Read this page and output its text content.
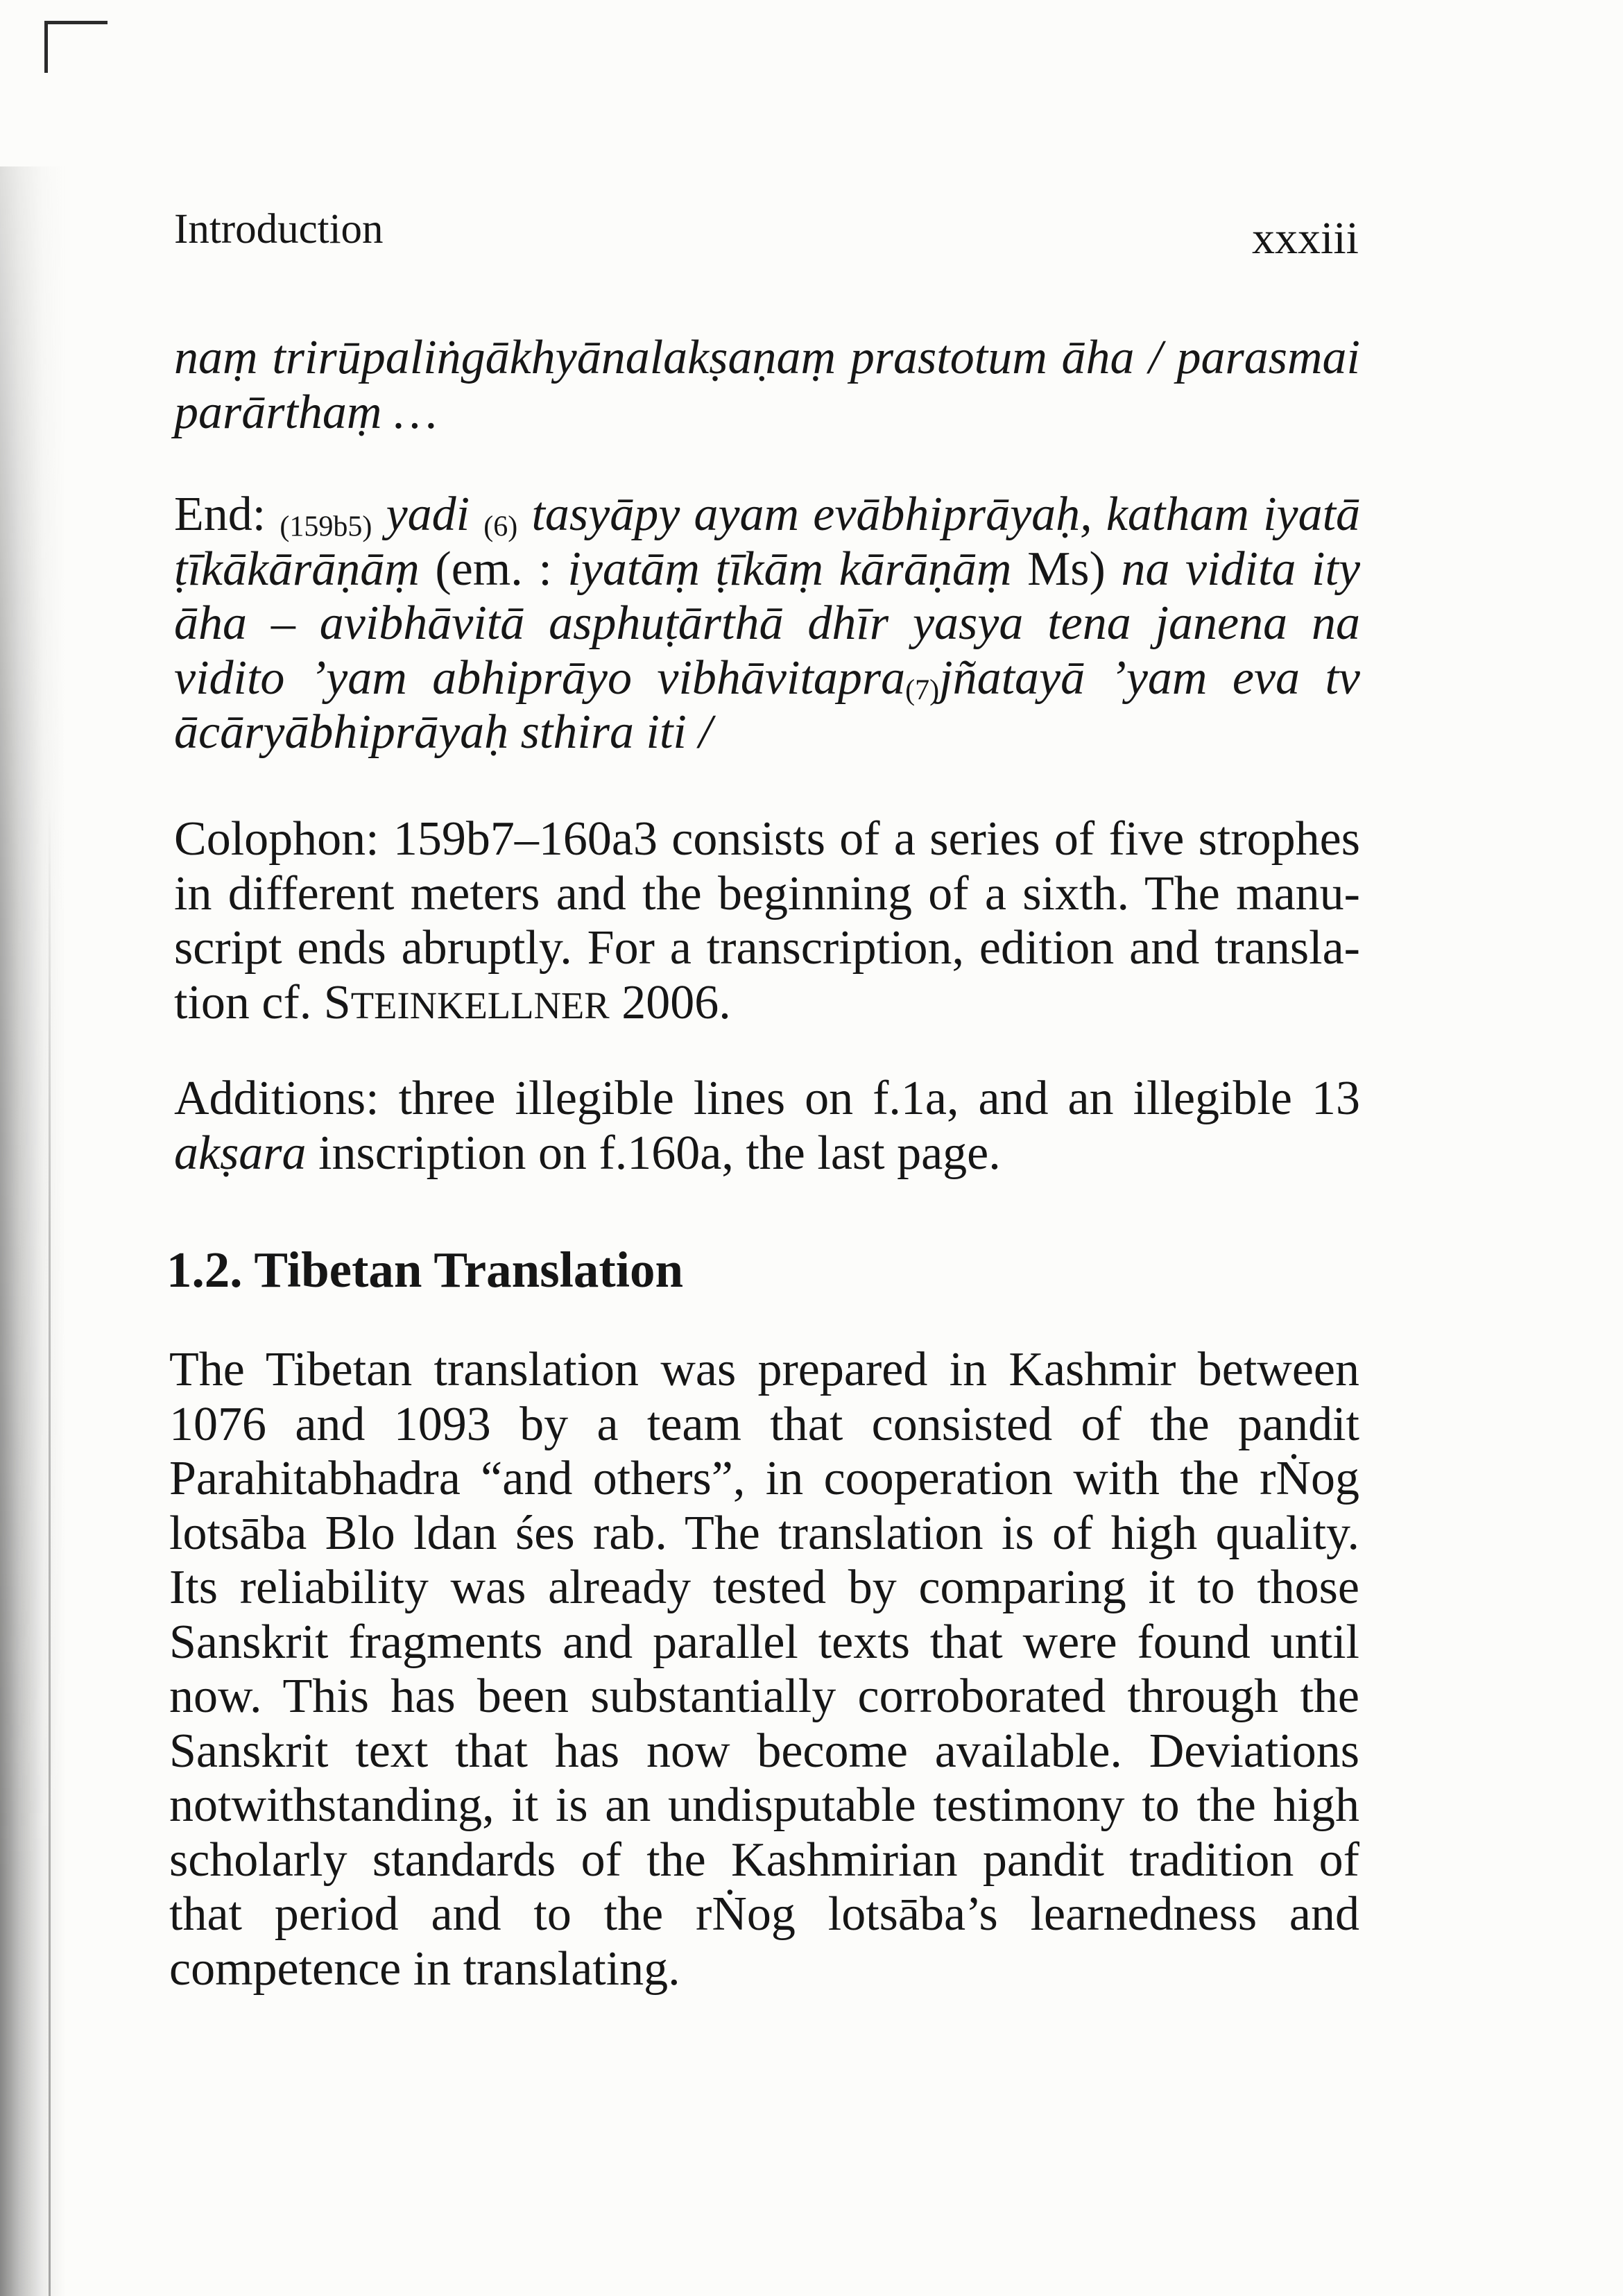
Introduction	xxxiii
naṃ trirūpaliṅgākhyānalakṣaṇaṃ prastotum āha / parasmai
parārthaṃ …
End: (159b5) yadi (6) tasyāpy ayam evābhiprāyaḥ, katham iyatā
ṭīkākārāṇāṃ (em. : iyatāṃ ṭīkāṃ kārāṇāṃ Ms) na vidita ity
āha – avibhāvitā asphuṭārthā dhīr yasya tena janena na
vidito ’yam abhiprāyo vibhāvitapra(7)jñatayā ’yam eva tv
ācāryābhiprāyaḥ sthira iti /
Colophon: 159b7–160a3 consists of a series of five strophes
in different meters and the beginning of a sixth. The manu-
script ends abruptly. For a transcription, edition and transla-
tion cf. STEINKELLNER 2006.
Additions: three illegible lines on f.1a, and an illegible 13
akṣara inscription on f.160a, the last page.
1.2. Tibetan Translation
The Tibetan translation was prepared in Kashmir between
1076 and 1093 by a team that consisted of the pandit
Parahitabhadra “and others”, in cooperation with the rṄog
lotsāba Blo ldan śes rab. The translation is of high quality.
Its reliability was already tested by comparing it to those
Sanskrit fragments and parallel texts that were found until
now. This has been substantially corroborated through the
Sanskrit text that has now become available. Deviations
notwithstanding, it is an undisputable testimony to the high
scholarly standards of the Kashmirian pandit tradition of
that period and to the rṄog lotsāba’s learnedness and
competence in translating.
